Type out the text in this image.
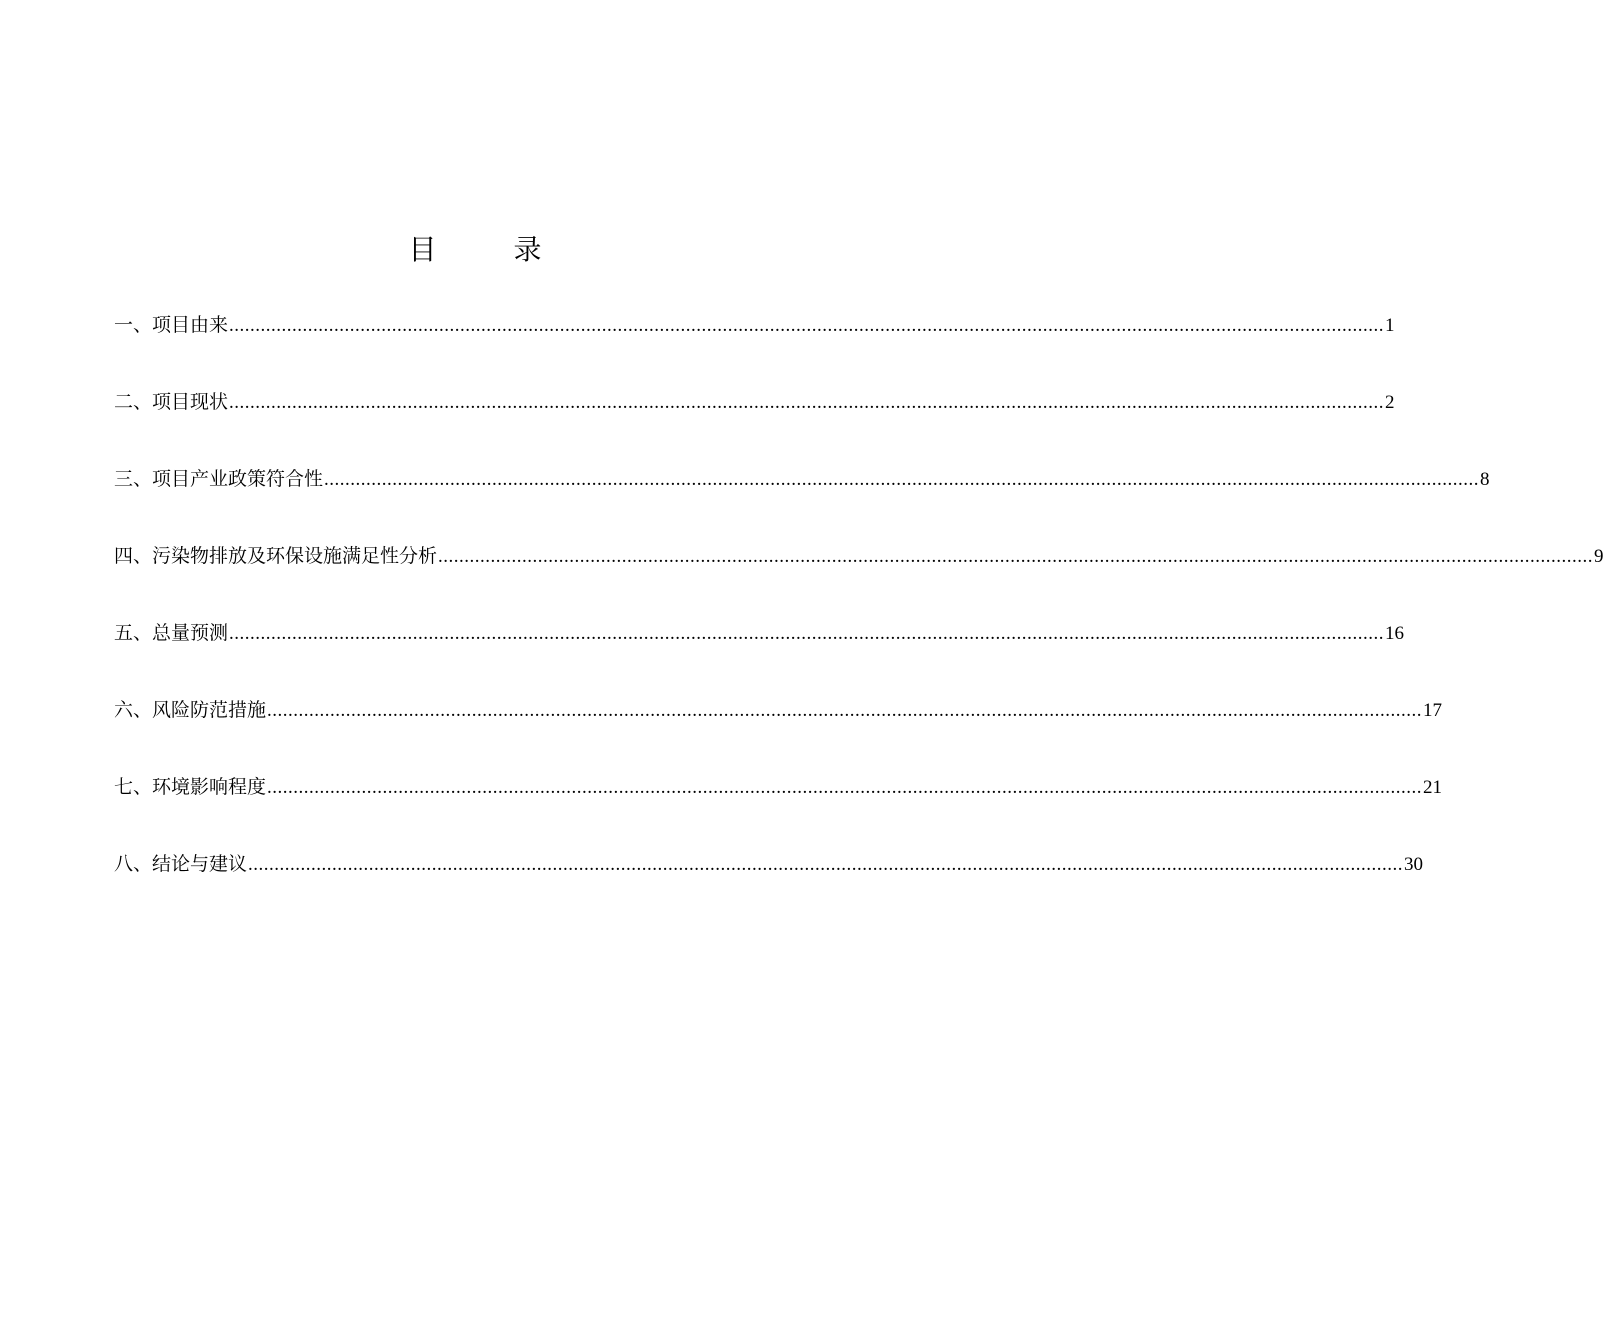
目 录
一、项目由来 ............................................................................................................................................................................................................................ 1
二、项目现状 ............................................................................................................................................................................................................................ 2
三、项目产业政策符合性 ............................................................................................................................................................................................................................ 8
四、污染物排放及环保设施满足性分析 ............................................................................................................................................................................................................................ 9
五、总量预测 ............................................................................................................................................................................................................................ 16
六、风险防范措施 ............................................................................................................................................................................................................................ 17
七、环境影响程度 ............................................................................................................................................................................................................................ 21
八、结论与建议 ............................................................................................................................................................................................................................ 30
